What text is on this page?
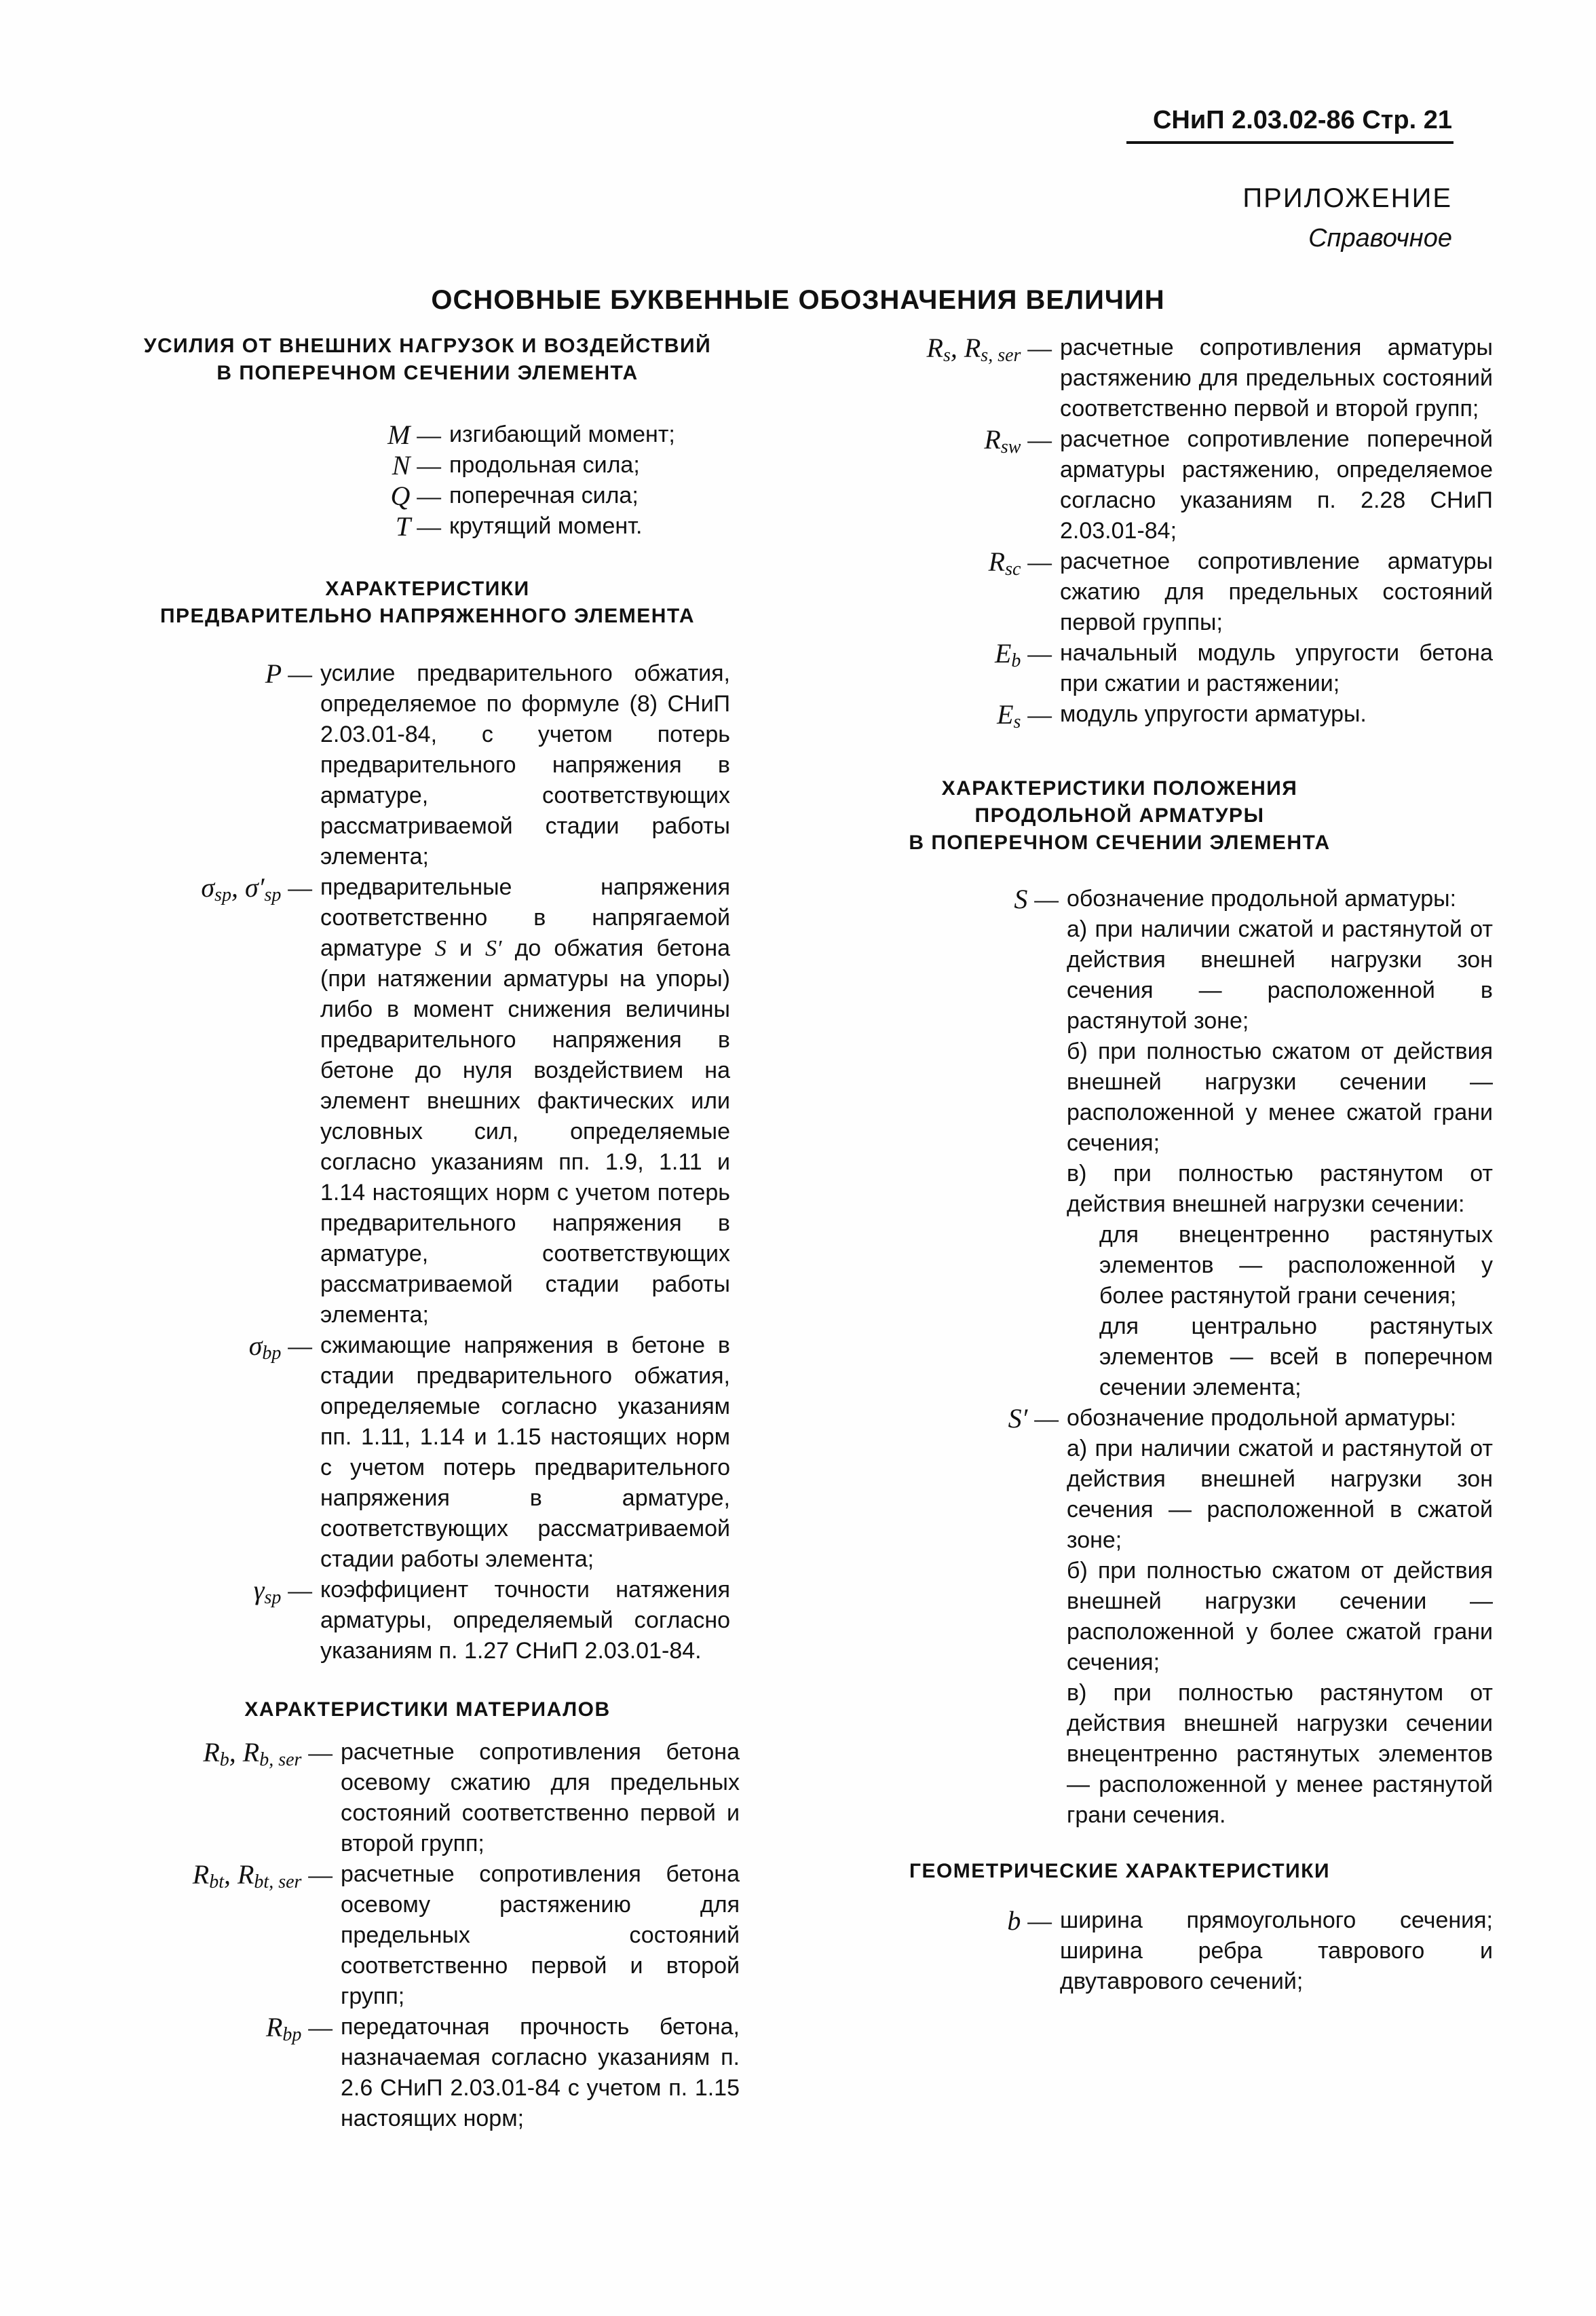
СНиП 2.03.02-86 Стр. 21
ПРИЛОЖЕНИЕ
Справочное
ОСНОВНЫЕ БУКВЕННЫЕ ОБОЗНАЧЕНИЯ ВЕЛИЧИН
УСИЛИЯ ОТ ВНЕШНИХ НАГРУЗОК И ВОЗДЕЙСТВИЙ
В ПОПЕРЕЧНОМ СЕЧЕНИИ ЭЛЕМЕНТА
M — изгибающий момент;
N — продольная сила;
Q — поперечная сила;
T — крутящий момент.
ХАРАКТЕРИСТИКИ
ПРЕДВАРИТЕЛЬНО НАПРЯЖЕННОГО ЭЛЕМЕНТА
P — усилие предварительного обжатия, определяемое по формуле (8) СНиП 2.03.01-84, с учетом потерь предварительного напряжения в арматуре, соответствующих рассматриваемой стадии работы элемента;
$\sigma_{sp}$, $\sigma'_{sp}$ — предварительные напряжения соответственно в напрягаемой арматуре S и S′ до обжатия бетона (при натяжении арматуры на упоры) либо в момент снижения величины предварительного напряжения в бетоне до нуля воздействием на элемент внешних фактических или условных сил, определяемые согласно указаниям пп. 1.9, 1.11 и 1.14 настоящих норм с учетом потерь предварительного напряжения в арматуре, соответствующих рассматриваемой стадии работы элемента;
$\sigma_{bp}$ — сжимающие напряжения в бетоне в стадии предварительного обжатия, определяемые согласно указаниям пп. 1.11, 1.14 и 1.15 настоящих норм с учетом потерь предварительного напряжения в арматуре, соответствующих рассматриваемой стадии работы элемента;
$\gamma_{sp}$ — коэффициент точности натяжения арматуры, определяемый согласно указаниям п. 1.27 СНиП 2.03.01-84.
ХАРАКТЕРИСТИКИ МАТЕРИАЛОВ
$R_b$, $R_{b, ser}$ — расчетные сопротивления бетона осевому сжатию для предельных состояний соответственно первой и второй групп;
$R_{bt}$, $R_{bt, ser}$ — расчетные сопротивления бетона осевому растяжению для предельных состояний соответственно первой и второй групп;
$R_{bp}$ — передаточная прочность бетона, назначаемая согласно указаниям п. 2.6 СНиП 2.03.01-84 с учетом п. 1.15 настоящих норм;
$R_s$, $R_{s, ser}$ — расчетные сопротивления арматуры растяжению для предельных состояний соответственно первой и второй групп;
$R_{sw}$ — расчетное сопротивление поперечной арматуры растяжению, определяемое согласно указаниям п. 2.28 СНиП 2.03.01-84;
$R_{sc}$ — расчетное сопротивление арматуры сжатию для предельных состояний первой группы;
$E_b$ — начальный модуль упругости бетона при сжатии и растяжении;
$E_s$ — модуль упругости арматуры.
ХАРАКТЕРИСТИКИ ПОЛОЖЕНИЯ
ПРОДОЛЬНОЙ АРМАТУРЫ
В ПОПЕРЕЧНОМ СЕЧЕНИИ ЭЛЕМЕНТА
S — обозначение продольной арматуры:

а) при наличии сжатой и растянутой от действия внешней нагрузки зон сечения — расположенной в растянутой зоне;

б) при полностью сжатом от действия внешней нагрузки сечении — расположенной у менее сжатой грани сечения;

в) при полностью растянутом от действия внешней нагрузки сечении:

для внецентренно растянутых элементов — расположенной у более растянутой грани сечения;

для центрально растянутых элементов — всей в поперечном сечении элемента;

S′ — обозначение продольной арматуры:

а) при наличии сжатой и растянутой от действия внешней нагрузки зон сечения — расположенной в сжатой зоне;

б) при полностью сжатом от действия внешней нагрузки сечении — расположенной у более сжатой грани сечения;

в) при полностью растянутом от действия внешней нагрузки сечении внецентренно растянутых элементов — расположенной у менее растянутой грани сечения.

ГЕОМЕТРИЧЕСКИЕ ХАРАКТЕРИСТИКИ
b — ширина прямоугольного сечения; ширина ребра таврового и двутаврового сечений;
